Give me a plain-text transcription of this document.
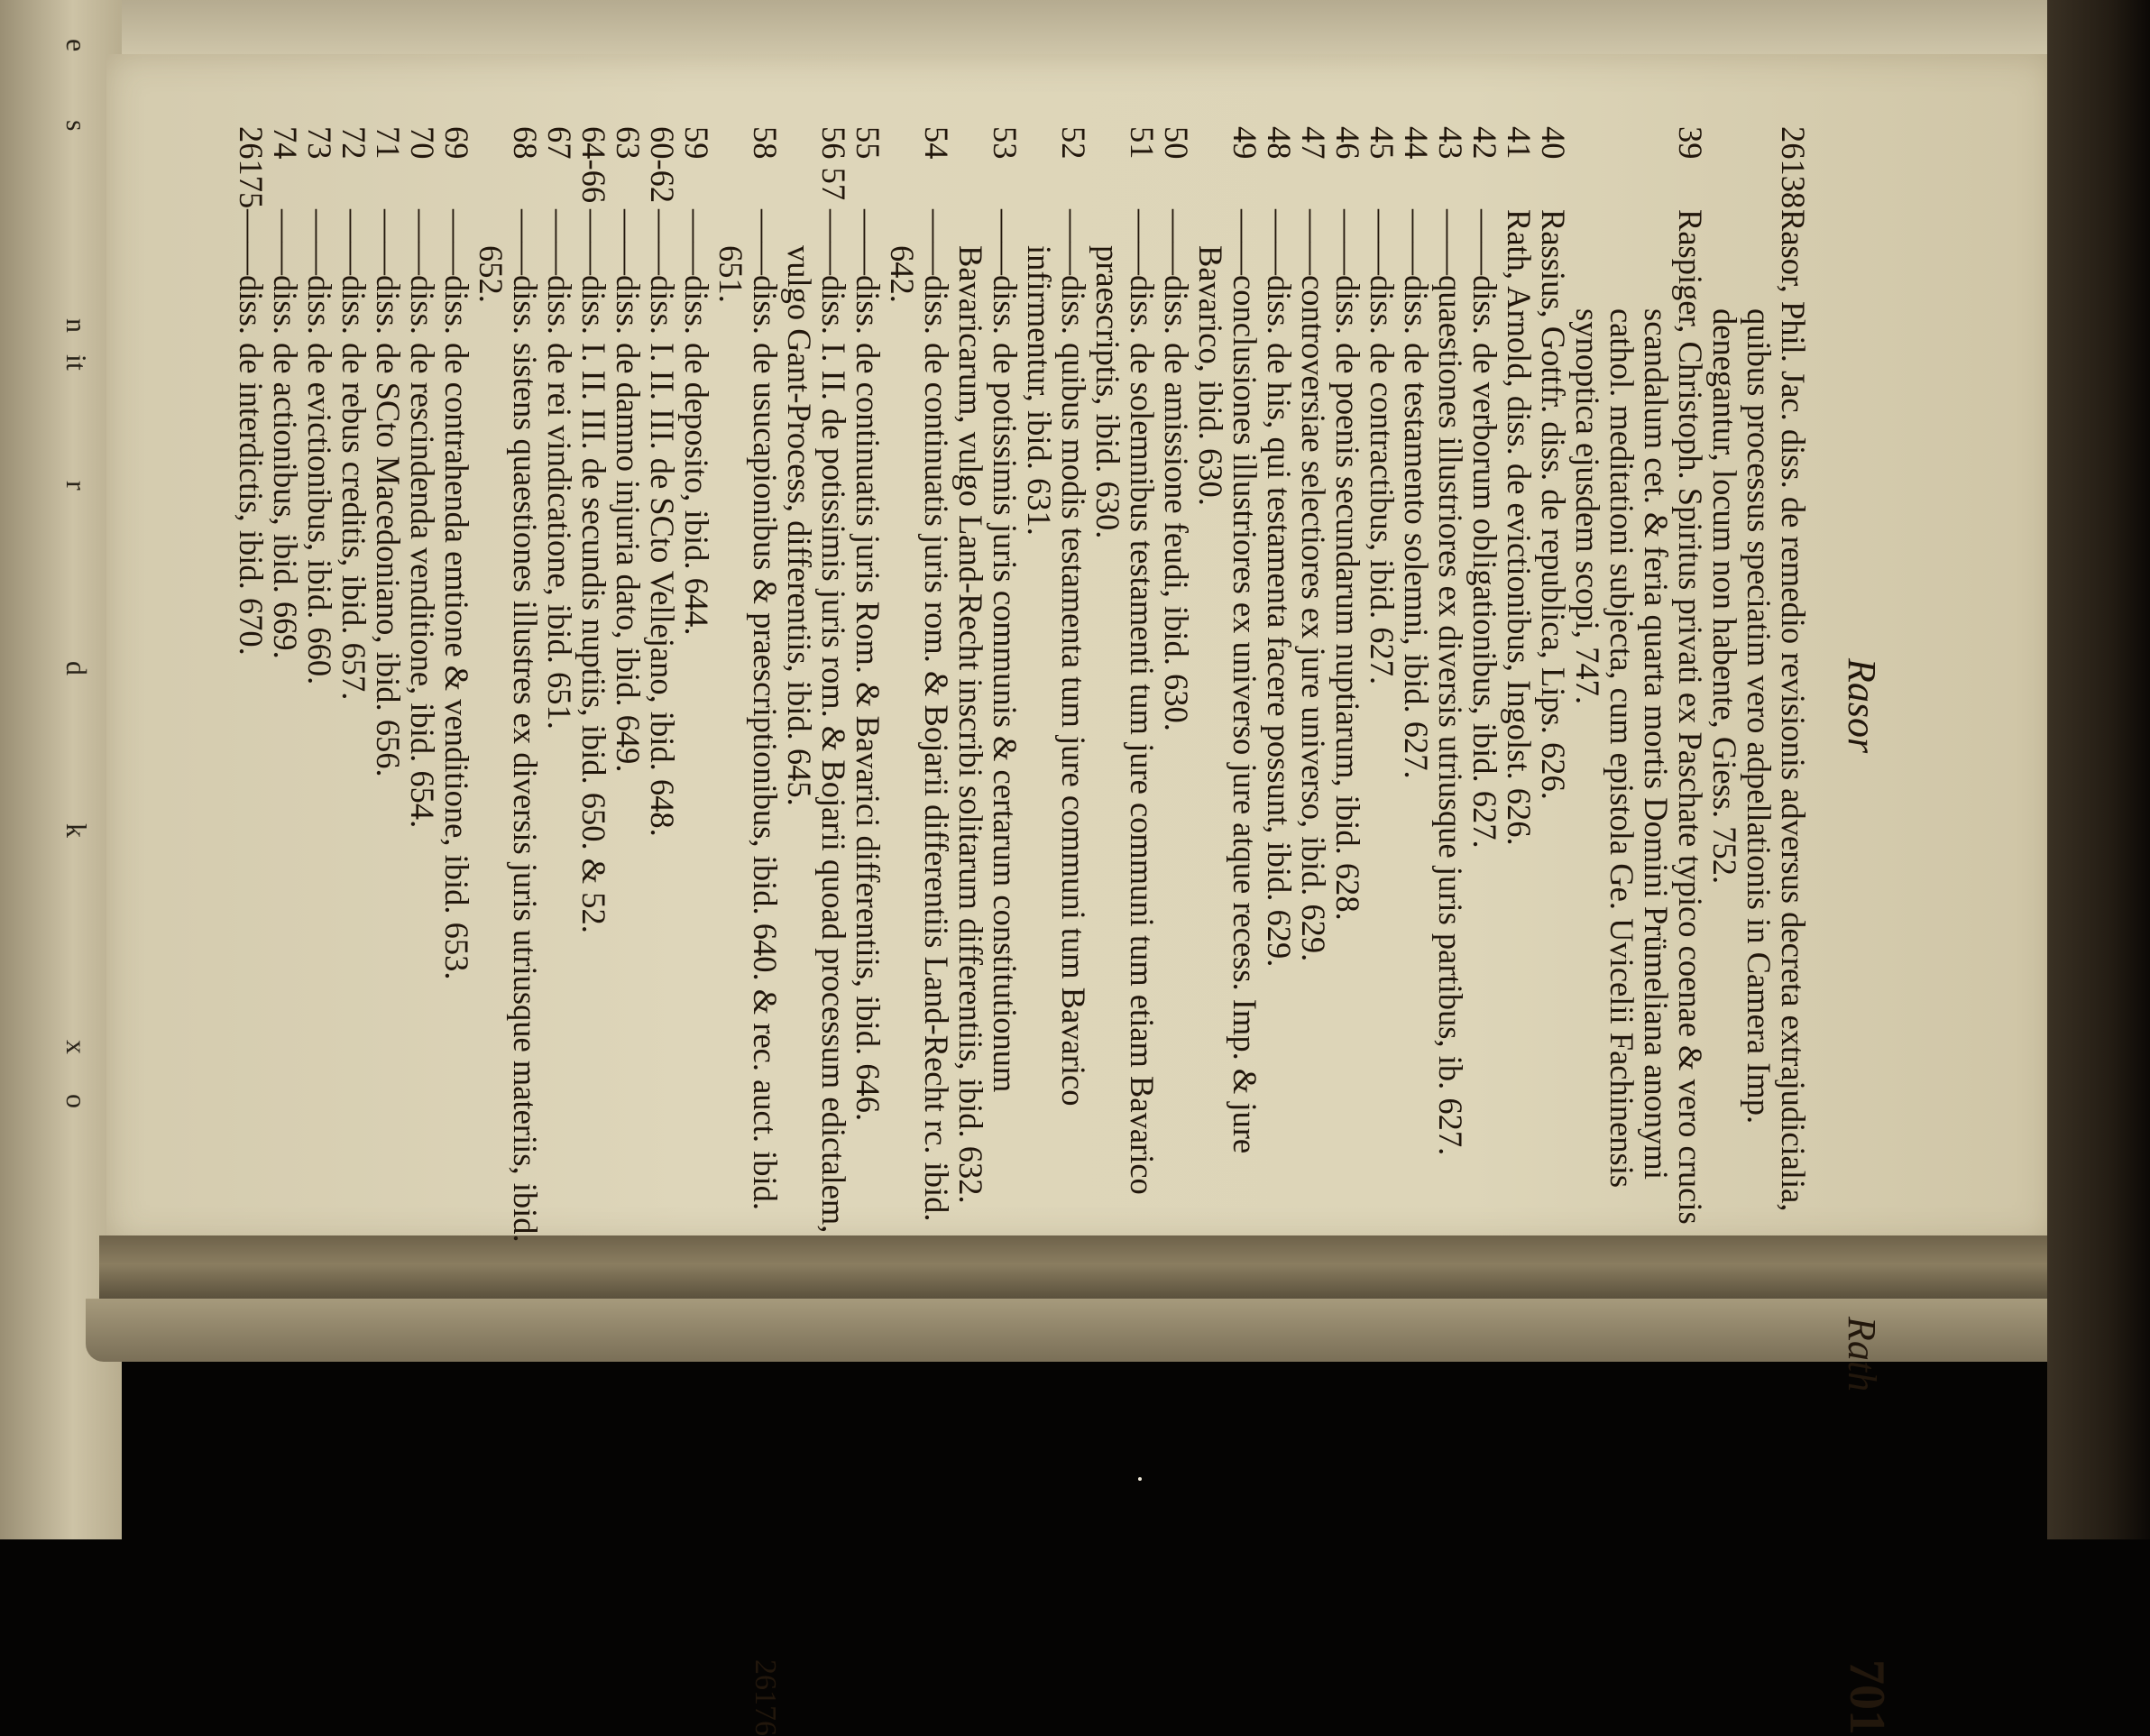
e
s
n
it
r
d
k
x
o
Rasor
Rath
701
26138
Rasor, Phil. Jac. diss. de remedio revisionis adversus decreta extrajudicialia, quibus processus speciatim vero adpellationis in Camera Imp. denegantur, locum non habente, Giess. 752.
39
Raspiger, Christoph. Spiritus privati ex Paschate typico coenae & vero crucis scandalum cet. & feria quarta mortis Domini Prümeliana anonymi cathol. meditationi subjecta, cum epistola Ge. Uvicelii Fachinensis synoptica ejusdem scopi, 747.
40
Rassius, Gottfr. diss. de republica, Lips. 626.
41
Rath, Arnold, diss. de evictionibus, Ingolst. 626.
42
——diss. de verborum obligationibus, ibid. 627.
43
——quaestiones illustriores ex diversis utriusque juris partibus, ib. 627.
44
——diss. de testamento solemni, ibid. 627.
45
——diss. de contractibus, ibid. 627.
46
——diss. de poenis secundarum nuptiarum, ibid. 628.
47
——controversiae selectiores ex jure universo, ibid. 629.
48
——diss. de his, qui testamenta facere possunt, ibid. 629.
49
——conclusiones illustriores ex universo jure atque recess. Imp. & jure Bavarico, ibid. 630.
50
——diss. de amissione feudi, ibid. 630.
51
——diss. de solemnibus testamenti tum jure communi tum etiam Bavarico praescriptis, ibid. 630.
52
——diss. quibus modis testamenta tum jure communi tum Bavarico infirmentur, ibid. 631.
53
——diss. de potissimis juris communis & certarum constitutionum Bavaricarum, vulgo Land-Recht inscribi solitarum differentiis, ibid. 632.
54
——diss. de continuatis juris rom. & Bojarii differentiis Land-Recht rc. ibid. 642.
55
——diss. de continuatis juris Rom. & Bavarici differentiis, ibid. 646.
56 57
——diss. I. II. de potissimis juris rom. & Bojarii quoad processum edictalem, vulgo Gant-Process, differentiis, ibid. 645.
58
——diss. de usucapionibus & praescriptionibus, ibid. 640. & rec. auct. ibid. 651.
59
——diss. de deposito, ibid. 644.
60-62
——diss. I. II. III. de SCto Vellejano, ibid. 648.
63
——diss. de damno injuria dato, ibid. 649.
64-66
——diss. I. II. III. de secundis nuptiis, ibid. 650. & 52.
67
——diss. de rei vindicatione, ibid. 651.
68
——diss. sistens quaestiones illustres ex diversis juris utriusque materiis, ibid. 652.
69
——diss. de contrahenda emtione & venditione, ibid. 653.
70
——diss. de rescindenda venditione, ibid. 654.
71
——diss. de SCto Macedoniano, ibid. 656.
72
——diss. de rebus creditis, ibid. 657.
73
——diss. de evictionibus, ibid. 660.
74
——diss. de actionibus, ibid. 669.
26175
——diss. de interdictis, ibid. 670.
26176
